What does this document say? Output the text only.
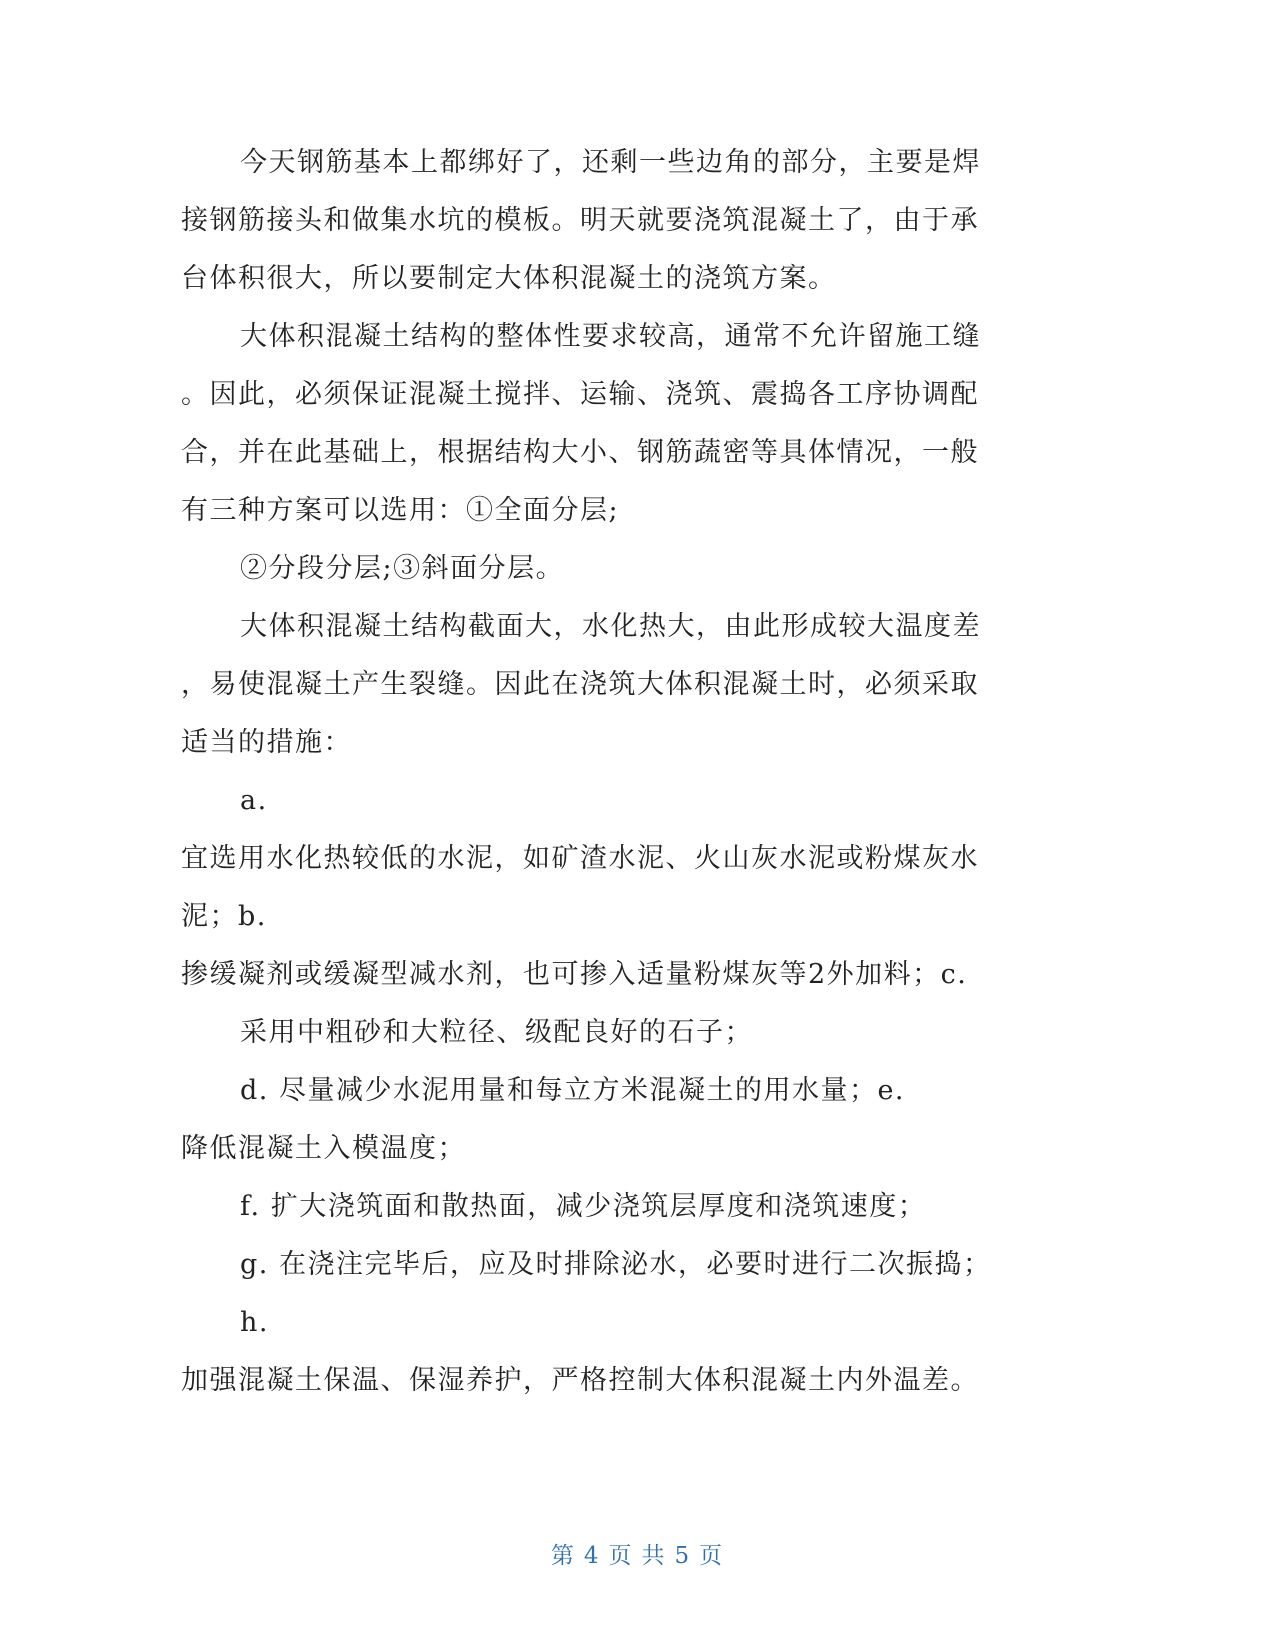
今天钢筋基本上都绑好了，还剩一些边角的部分，主要是焊
接钢筋接头和做集水坑的模板。明天就要浇筑混凝土了，由于承
台体积很大，所以要制定大体积混凝土的浇筑方案。
大体积混凝土结构的整体性要求较高，通常不允许留施工缝
。因此，必须保证混凝土搅拌、运输、浇筑、震捣各工序协调配
合，并在此基础上，根据结构大小、钢筋蔬密等具体情况，一般
有三种方案可以选用：①全面分层;
②分段分层;③斜面分层。
大体积混凝土结构截面大，水化热大，由此形成较大温度差
，易使混凝土产生裂缝。因此在浇筑大体积混凝土时，必须采取
适当的措施：
a.
宜选用水化热较低的水泥，如矿渣水泥、火山灰水泥或粉煤灰水
泥；b.
掺缓凝剂或缓凝型减水剂，也可掺入适量粉煤灰等2外加料；c.
采用中粗砂和大粒径、级配良好的石子；
d. 尽量减少水泥用量和每立方米混凝土的用水量；e.
降低混凝土入模温度；
f. 扩大浇筑面和散热面，减少浇筑层厚度和浇筑速度；
g. 在浇注完毕后，应及时排除泌水，必要时进行二次振捣；
h.
加强混凝土保温、保湿养护，严格控制大体积混凝土内外温差。
第 4 页 共 5 页
